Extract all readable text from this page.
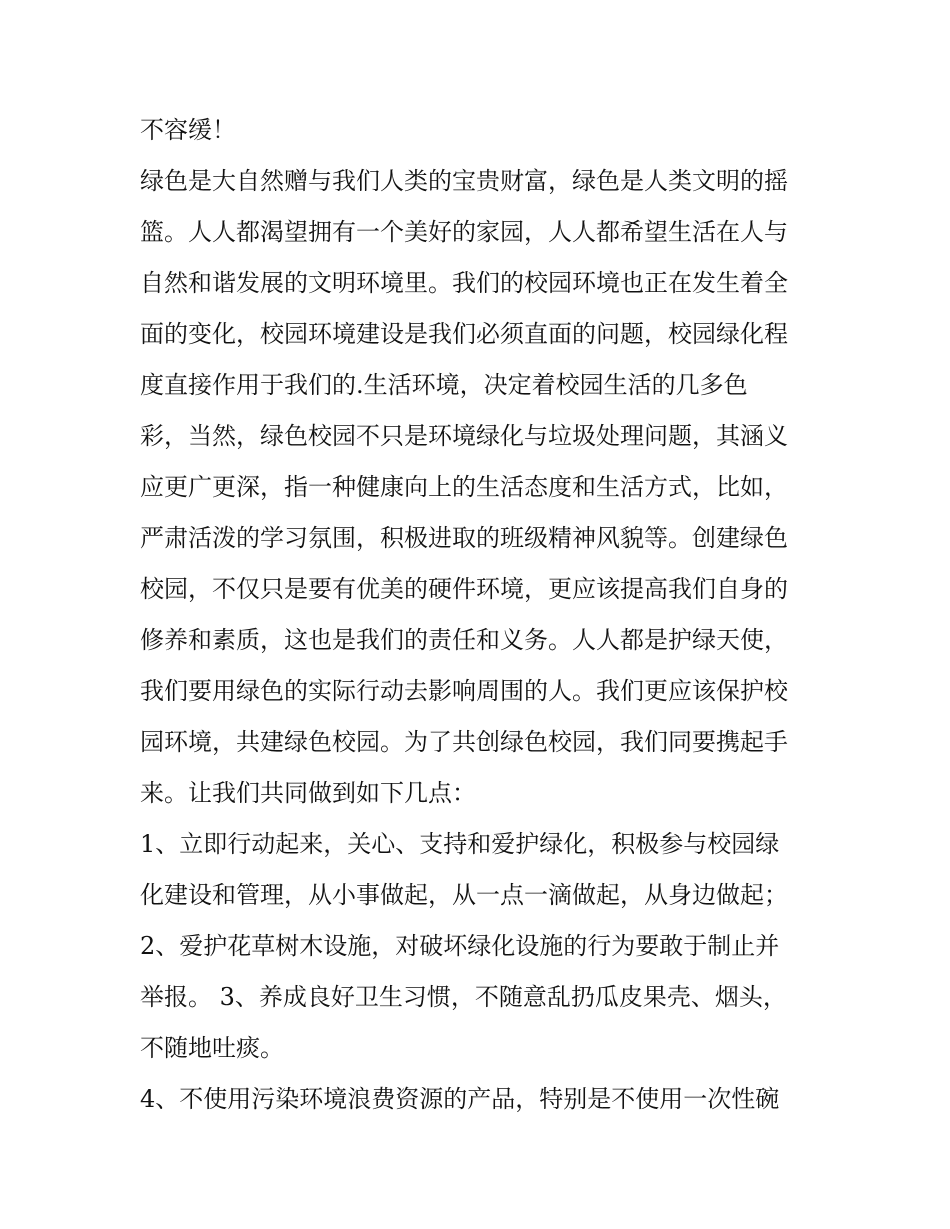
不容缓！
绿色是大自然赠与我们人类的宝贵财富，绿色是人类文明的摇
篮。人人都渴望拥有一个美好的家园，人人都希望生活在人与
自然和谐发展的文明环境里。我们的校园环境也正在发生着全
面的变化，校园环境建设是我们必须直面的问题，校园绿化程
度直接作用于我们的.生活环境，决定着校园生活的几多色
彩，当然，绿色校园不只是环境绿化与垃圾处理问题，其涵义
应更广更深，指一种健康向上的生活态度和生活方式，比如，
严肃活泼的学习氛围，积极进取的班级精神风貌等。创建绿色
校园，不仅只是要有优美的硬件环境，更应该提高我们自身的
修养和素质，这也是我们的责任和义务。人人都是护绿天使，
我们要用绿色的实际行动去影响周围的人。我们更应该保护校
园环境，共建绿色校园。为了共创绿色校园，我们同要携起手
来。让我们共同做到如下几点：
1、立即行动起来，关心、支持和爱护绿化，积极参与校园绿
化建设和管理，从小事做起，从一点一滴做起，从身边做起；
2、爱护花草树木设施，对破坏绿化设施的行为要敢于制止并
举报。 3、养成良好卫生习惯，不随意乱扔瓜皮果壳、烟头，
不随地吐痰。
4、不使用污染环境浪费资源的产品，特别是不使用一次性碗
